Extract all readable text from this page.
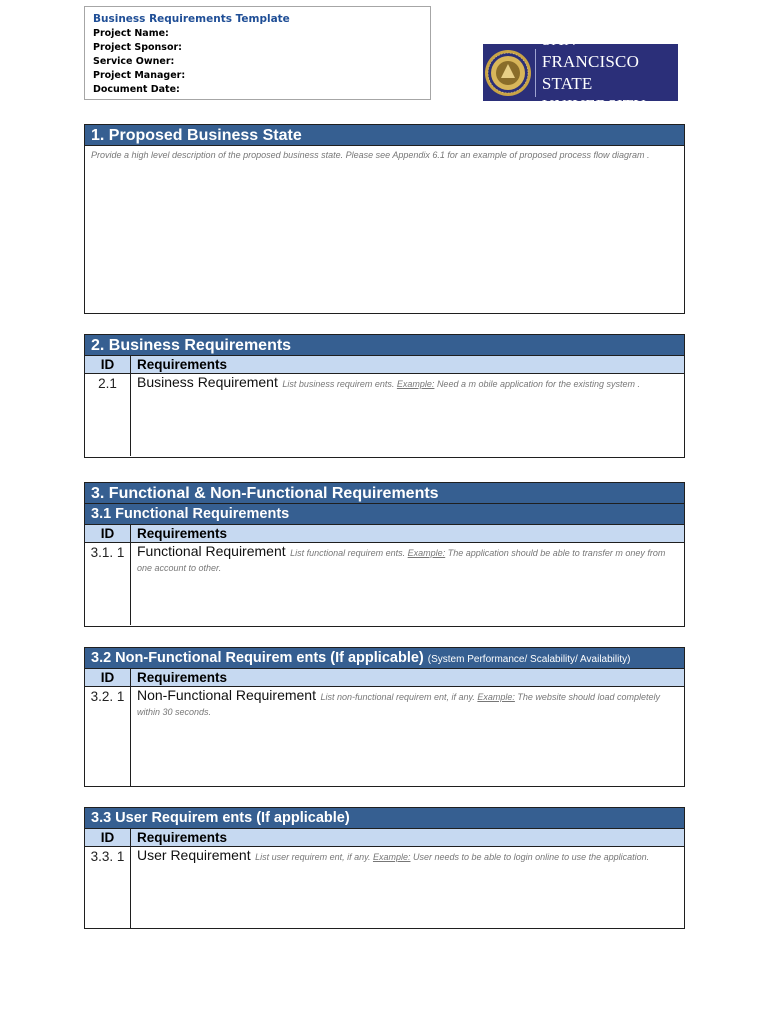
Business Requirements Template
Project Name:
Project Sponsor:
Service Owner:
Project Manager:
Document Date:
SAN FRANCISCO
STATE UNIVERSITY
1. Proposed Business State
Provide a high level description of the proposed business state. Please see Appendix 6.1 for an example of proposed process flow diagram .
2. Business Requirements
ID	Requirements
2.1	Business Requirement List business requirem ents. Example: Need a m obile application for the existing system .
3. Functional & Non-Functional Requirements
3.1 Functional Requirements
ID	Requirements
3.1. 1 Functional Requirement List functional requirem ents. Example: The application should be able to transfer m oney from one account to other.
3.2 Non-Functional Requirem ents (If applicable) (System Performance/ Scalability/ Availability)
ID	Requirements
3.2. 1 Non-Functional Requirement List non-functional requirem ent, if any. Example: The website should load completely within 30 seconds.
3.3 User Requirem ents (If applicable)
ID	Requirements
3.3. 1 User Requirement List user requirem ent, if any. Example: User needs to be able to login online to use the application.
